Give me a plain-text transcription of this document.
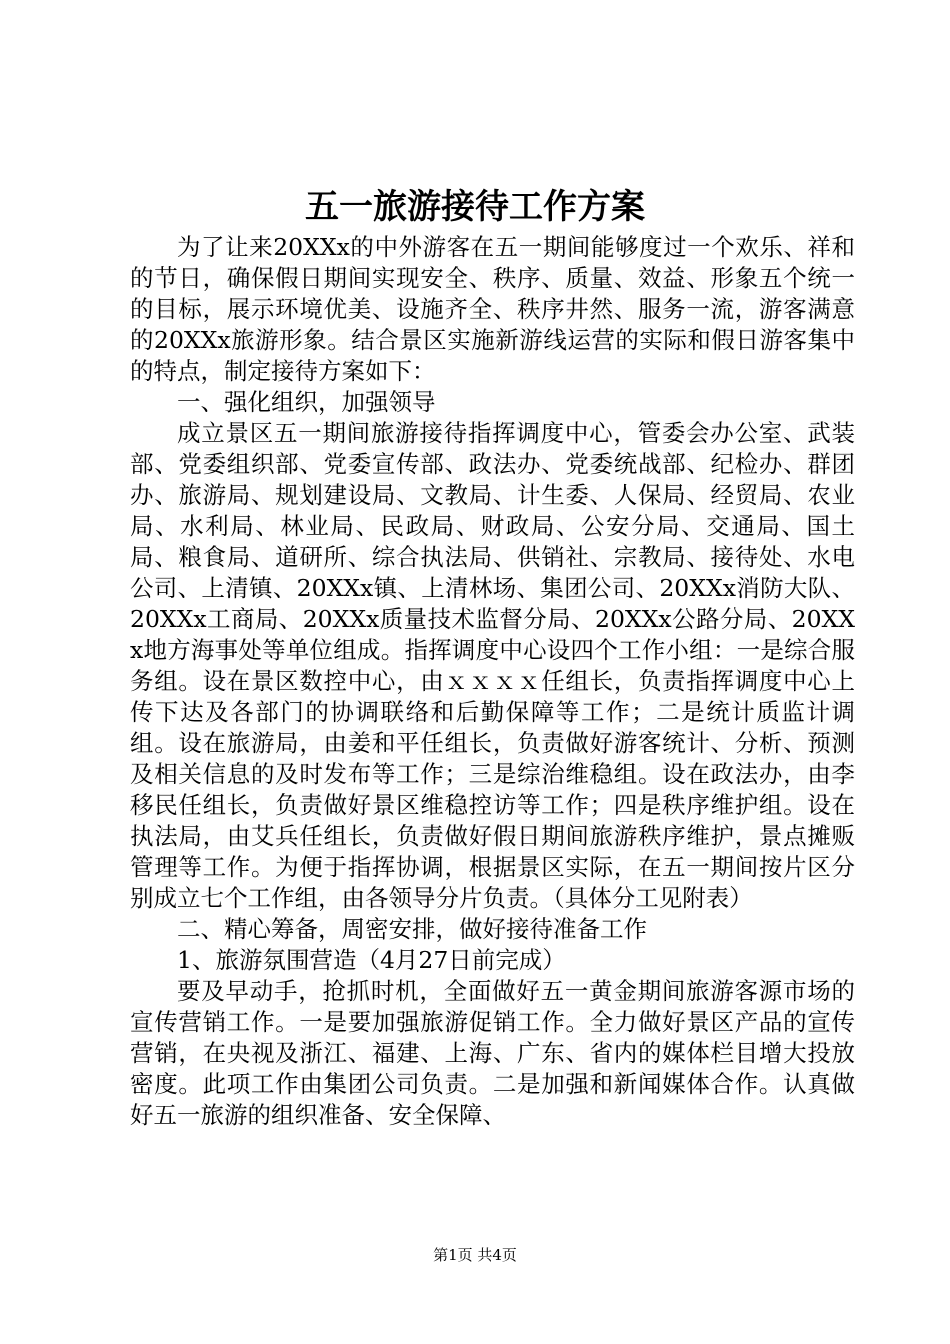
五一旅游接待工作方案

为了让来20XXx的中外游客在五一期间能够度过一个欢乐、祥和的节日，确保假日期间实现安全、秩序、质量、效益、形象五个统一的目标，展示环境优美、设施齐全、秩序井然、服务一流，游客满意的20XXx旅游形象。结合景区实施新游线运营的实际和假日游客集中的特点，制定接待方案如下：

一、强化组织，加强领导

成立景区五一期间旅游接待指挥调度中心，管委会办公室、武装部、党委组织部、党委宣传部、政法办、党委统战部、纪检办、群团办、旅游局、规划建设局、文教局、计生委、人保局、经贸局、农业局、水利局、林业局、民政局、财政局、公安分局、交通局、国土局、粮食局、道研所、综合执法局、供销社、宗教局、接待处、水电公司、上清镇、20XXx镇、上清林场、集团公司、20XXx消防大队、20XXx工商局、20XXx质量技术监督分局、20XXx公路分局、20XXx地方海事处等单位组成。指挥调度中心设四个工作小组：一是综合服务组。设在景区数控中心，由ｘｘｘｘ任组长，负责指挥调度中心上传下达及各部门的协调联络和后勤保障等工作；二是统计质监计调组。设在旅游局，由姜和平任组长，负责做好游客统计、分析、预测及相关信息的及时发布等工作；三是综治维稳组。设在政法办，由李移民任组长，负责做好景区维稳控访等工作；四是秩序维护组。设在执法局，由艾兵任组长，负责做好假日期间旅游秩序维护，景点摊贩管理等工作。为便于指挥协调，根据景区实际，在五一期间按片区分别成立七个工作组，由各领导分片负责。（具体分工见附表）

二、精心筹备，周密安排，做好接待准备工作

1、旅游氛围营造（4月27日前完成）

要及早动手，抢抓时机，全面做好五一黄金期间旅游客源市场的宣传营销工作。一是要加强旅游促销工作。全力做好景区产品的宣传营销，在央视及浙江、福建、上海、广东、省内的媒体栏目增大投放密度。此项工作由集团公司负责。二是加强和新闻媒体合作。认真做好五一旅游的组织准备、安全保障、

第1页 共4页
